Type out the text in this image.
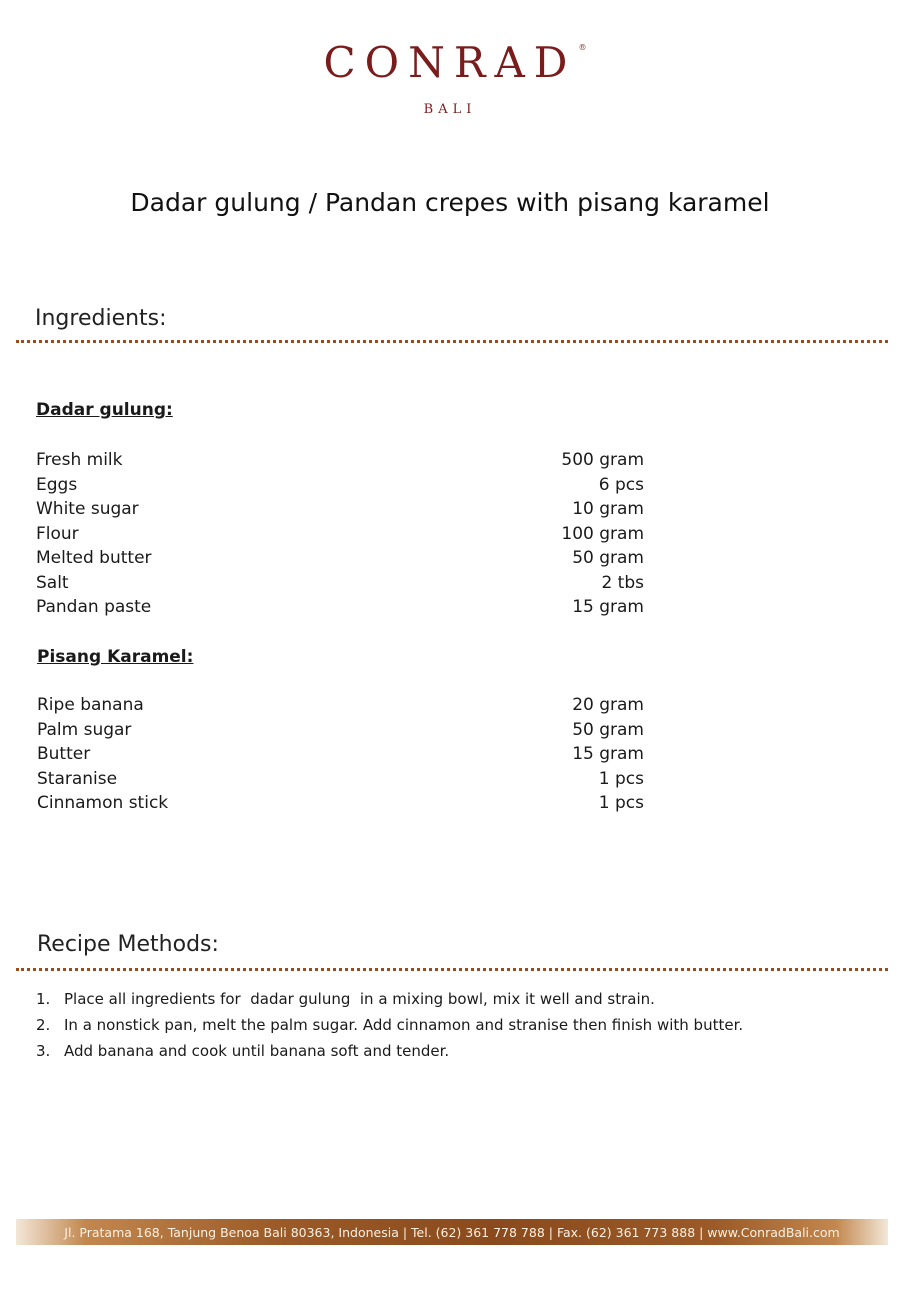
CONRAD ®
BALI
Dadar gulung / Pandan crepes with pisang karamel
Ingredients:
Dadar gulung:
Fresh milk	500 gram
Eggs	6 pcs
White sugar	10 gram
Flour	100 gram
Melted butter	50 gram
Salt	2 tbs
Pandan paste	15 gram
Pisang Karamel:
Ripe banana	20 gram
Palm sugar	50 gram
Butter	15 gram
Staranise	1 pcs
Cinnamon stick	1 pcs
Recipe Methods:
1. Place all ingredients for  dadar gulung  in a mixing bowl, mix it well and strain.
2. In a nonstick pan, melt the palm sugar. Add cinnamon and stranise then finish with butter.
3. Add banana and cook until banana soft and tender.
Jl. Pratama 168, Tanjung Benoa Bali 80363, Indonesia | Tel. (62) 361 778 788 | Fax. (62) 361 773 888 | www.ConradBali.com
